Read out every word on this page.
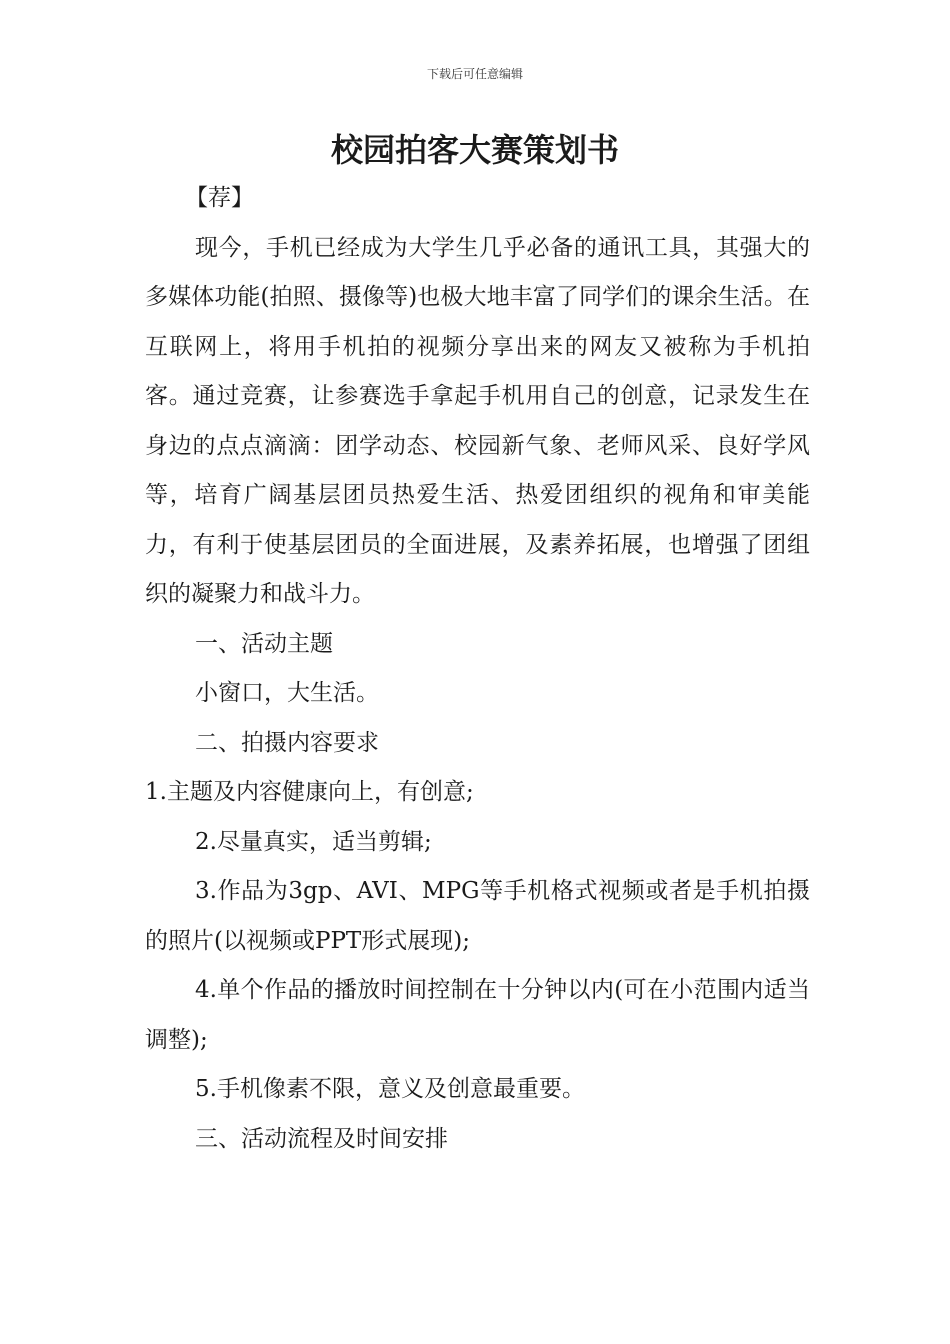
下载后可任意编辑
校园拍客大赛策划书

【荐】

现今，手机已经成为大学生几乎必备的通讯工具，其强大的多媒体功能(拍照、摄像等)也极大地丰富了同学们的课余生活。在互联网上，将用手机拍的视频分享出来的网友又被称为手机拍客。通过竞赛，让参赛选手拿起手机用自己的创意，记录发生在身边的点点滴滴：团学动态、校园新气象、老师风采、良好学风等，培育广阔基层团员热爱生活、热爱团组织的视角和审美能力，有利于使基层团员的全面进展，及素养拓展，也增强了团组织的凝聚力和战斗力。

一、活动主题

小窗口，大生活。

二、拍摄内容要求

1.主题及内容健康向上，有创意;

2.尽量真实，适当剪辑;

3.作品为3gp、AVI、MPG等手机格式视频或者是手机拍摄的照片(以视频或PPT形式展现);

4.单个作品的播放时间控制在十分钟以内(可在小范围内适当调整);

5.手机像素不限，意义及创意最重要。

三、活动流程及时间安排
